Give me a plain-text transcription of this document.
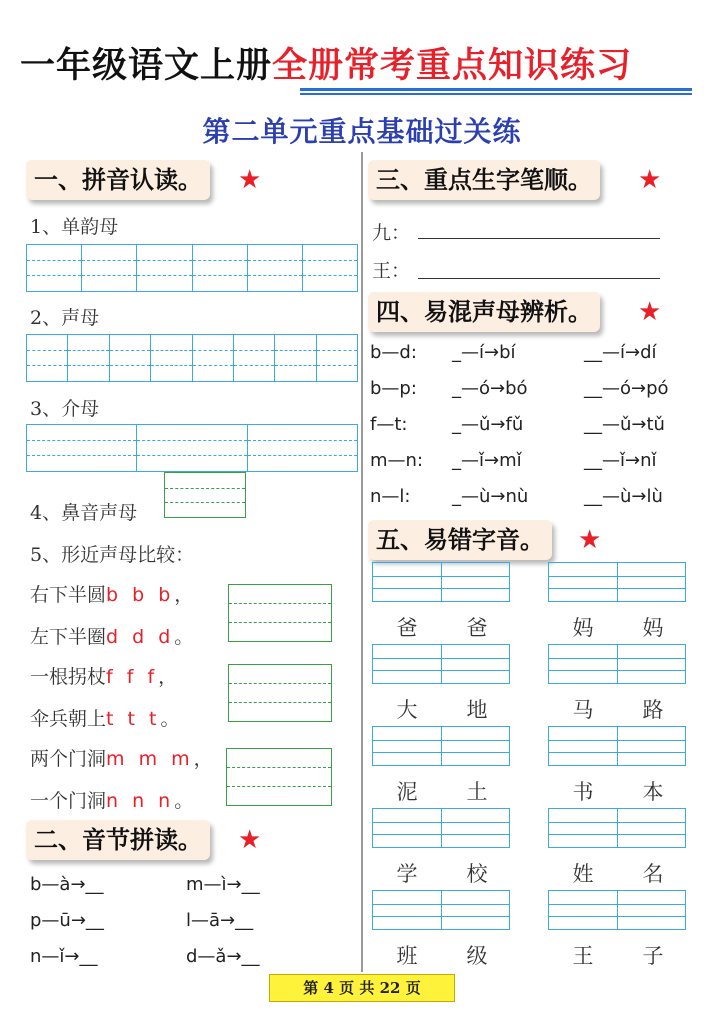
一年级语文上册全册常考重点知识练习
第二单元重点基础过关练
一、拼音认读。	★
1、单韵母
2、声母
3、介母
4、鼻音声母
5、形近声母比较：
右下半圆b b b，
左下半圈d d d。
一根拐杖f f f，
伞兵朝上t t t。
两个门洞m m m，
一个门洞n n n。
二、音节拼读。	★
b—à→__	m—ì→__
p—ū→__	l—ā→__
n—ǐ→__	d—ǎ→__
三、重点生字笔顺。	★
九：
王：
四、易混声母辨析。	★
b—d: _—í→bí	__—í→dí
b—p: _—ó→bó	__—ó→pó
f—t: _—ǔ→fǔ	__—ǔ→tǔ
m—n: _—ǐ→mǐ	__—ǐ→nǐ
n—l: _—ù→nù	__—ù→lù
五、易错字音。	★
爸 爸	妈 妈
大 地	马 路
泥 土	书 本
学 校	姓 名
班 级	王 子
第 4 页 共 22 页
